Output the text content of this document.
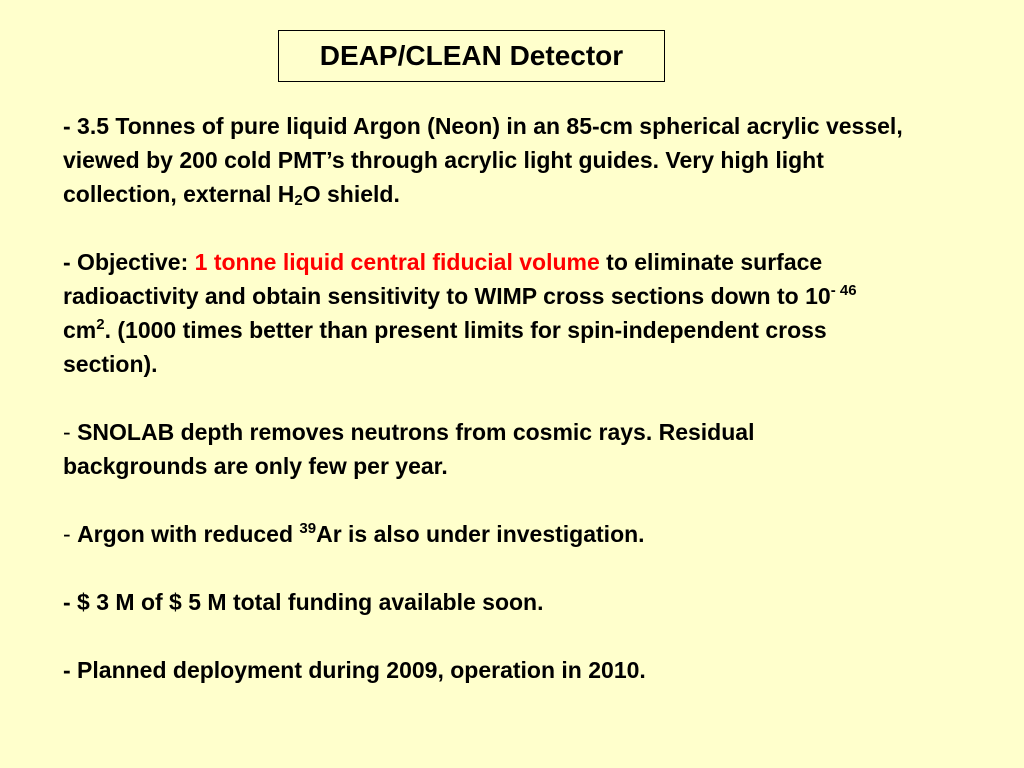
DEAP/CLEAN Detector

- 3.5 Tonnes of pure liquid Argon (Neon) in an 85-cm spherical acrylic vessel, viewed by 200 cold PMT’s through acrylic light guides. Very high light collection, external $H_2O$ shield.

- Objective: 1 tonne liquid central fiducial volume to eliminate surface radioactivity and obtain sensitivity to WIMP cross sections down to $10^{- 46}$ $cm^2$. (1000 times better than present limits for spin-independent cross section).

- SNOLAB depth removes neutrons from cosmic rays. Residual backgrounds are only few per year.

- Argon with reduced $^{39}$Ar is also under investigation.

- $ 3 M of $ 5 M total funding available soon.

- Planned deployment during 2009, operation in 2010.
